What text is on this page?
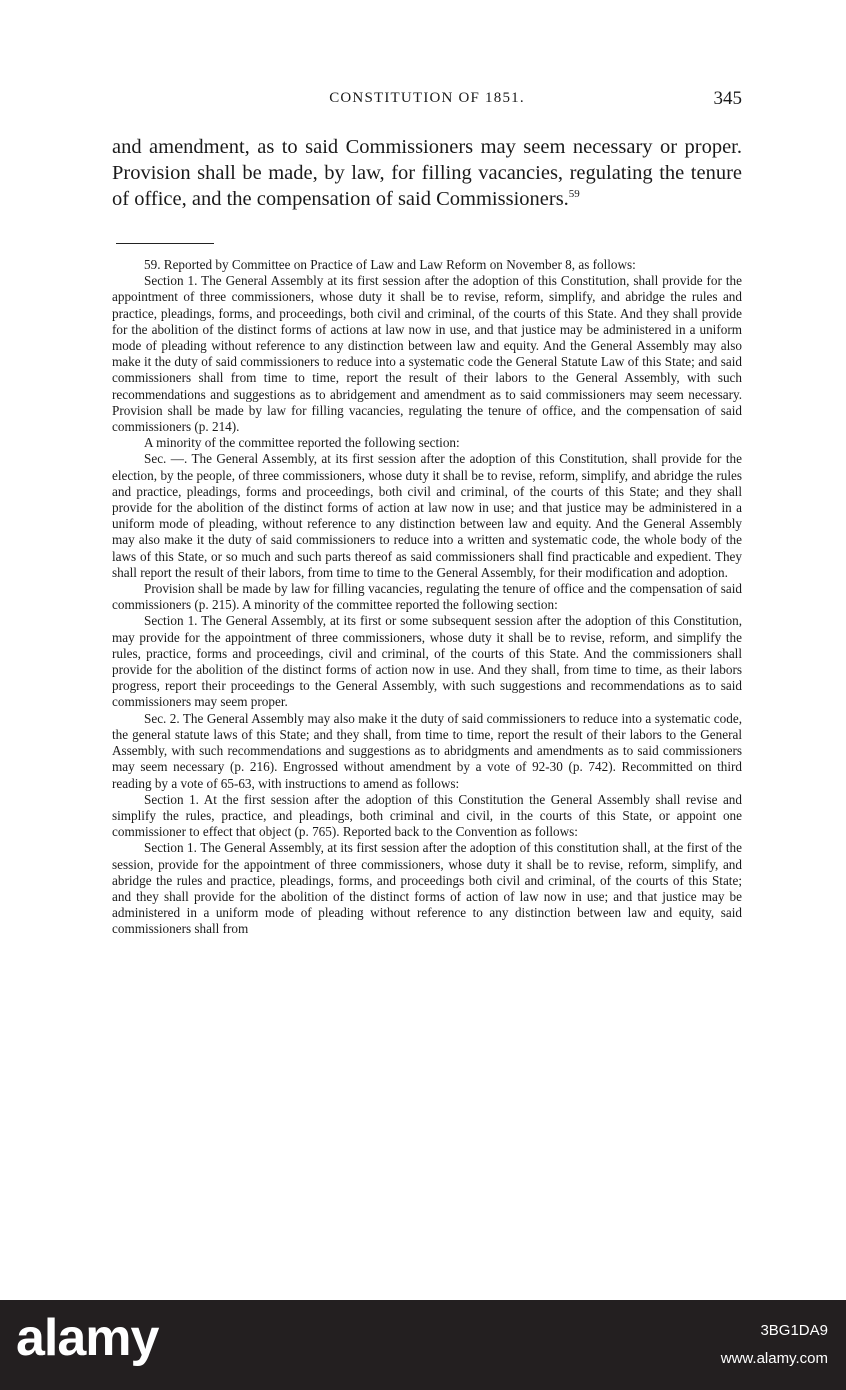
CONSTITUTION OF 1851.	345

and amendment, as to said Commissioners may seem necessary or proper. Provision shall be made, by law, for filling vacancies, regulating the tenure of office, and the compensation of said Commissioners.$^{59}$

59. Reported by Committee on Practice of Law and Law Reform on November 8, as follows:

Section 1. The General Assembly at its first session after the adoption of this Constitution, shall provide for the appointment of three commissioners, whose duty it shall be to revise, reform, simplify, and abridge the rules and practice, pleadings, forms, and proceedings, both civil and criminal, of the courts of this State. And they shall provide for the abolition of the distinct forms of actions at law now in use, and that justice may be administered in a uniform mode of pleading without reference to any distinction between law and equity. And the General Assembly may also make it the duty of said commissioners to reduce into a systematic code the General Statute Law of this State; and said commissioners shall from time to time, report the result of their labors to the General Assembly, with such recommendations and suggestions as to abridgement and amendment as to said commissioners may seem necessary. Provision shall be made by law for filling vacancies, regulating the tenure of office, and the compensation of said commissioners (p. 214).

A minority of the committee reported the following section:

Sec. —. The General Assembly, at its first session after the adoption of this Constitution, shall provide for the election, by the people, of three commissioners, whose duty it shall be to revise, reform, simplify, and abridge the rules and practice, pleadings, forms and proceedings, both civil and criminal, of the courts of this State; and they shall provide for the abolition of the distinct forms of action at law now in use; and that justice may be administered in a uniform mode of pleading, without reference to any distinction between law and equity. And the General Assembly may also make it the duty of said commissioners to reduce into a written and systematic code, the whole body of the laws of this State, or so much and such parts thereof as said commissioners shall find practicable and expedient. They shall report the result of their labors, from time to time to the General Assembly, for their modification and adoption.

Provision shall be made by law for filling vacancies, regulating the tenure of office and the compensation of said commissioners (p. 215). A minority of the committee reported the following section:

Section 1. The General Assembly, at its first or some subsequent session after the adoption of this Constitution, may provide for the appointment of three commissioners, whose duty it shall be to revise, reform, and simplify the rules, practice, forms and proceedings, civil and criminal, of the courts of this State. And the commissioners shall provide for the abolition of the distinct forms of action now in use. And they shall, from time to time, as their labors progress, report their proceedings to the General Assembly, with such suggestions and recommendations as to said commissioners may seem proper.

Sec. 2. The General Assembly may also make it the duty of said commissioners to reduce into a systematic code, the general statute laws of this State; and they shall, from time to time, report the result of their labors to the General Assembly, with such recommendations and suggestions as to abridgments and amendments as to said commissioners may seem necessary (p. 216). Engrossed without amendment by a vote of 92-30 (p. 742). Recommitted on third reading by a vote of 65-63, with instructions to amend as follows:

Section 1. At the first session after the adoption of this Constitution the General Assembly shall revise and simplify the rules, practice, and pleadings, both criminal and civil, in the courts of this State, or appoint one commissioner to effect that object (p. 765). Reported back to the Convention as follows:

Section 1. The General Assembly, at its first session after the adoption of this constitution shall, at the first of the session, provide for the appointment of three commissioners, whose duty it shall be to revise, reform, simplify, and abridge the rules and practice, pleadings, forms, and proceedings both civil and criminal, of the courts of this State; and they shall provide for the abolition of the distinct forms of action of law now in use; and that justice may be administered in a uniform mode of pleading without reference to any distinction between law and equity, said commissioners shall from

alamy	3BG1DA9
www.alamy.com
